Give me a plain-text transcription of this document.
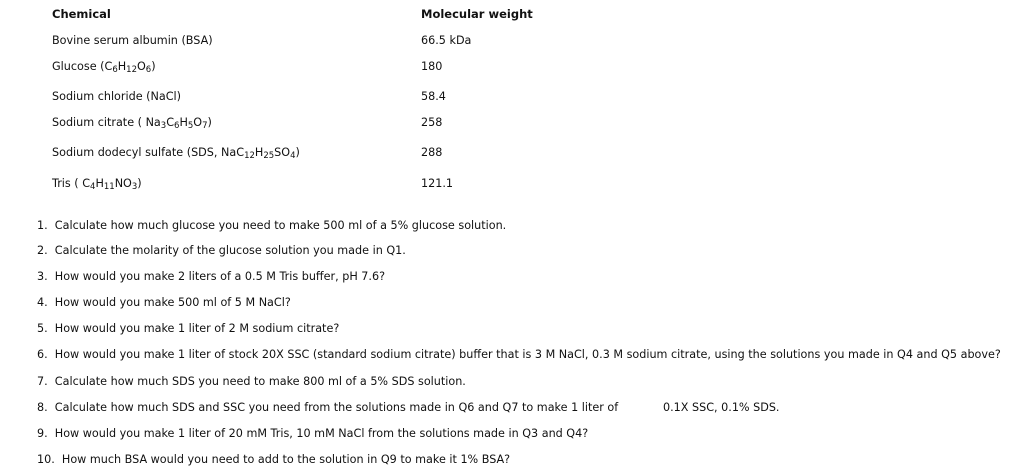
Chemical	Molecular weight
Bovine serum albumin (BSA)	66.5 kDa
Glucose $(C_6H_{12}O_6)$	180
Sodium chloride (NaCl)	58.4
Sodium citrate ( $Na_3C_6H_5O_7$)	258
Sodium dodecyl sulfate (SDS, $NaC_{12}H_{25}SO_4$)	288
Tris ( $C_4H_{11}NO_3$)	121.1
1.  Calculate how much glucose you need to make 500 ml of a 5% glucose solution.
2.  Calculate the molarity of the glucose solution you made in Q1.
3.  How would you make 2 liters of a 0.5 M Tris buffer, pH 7.6?
4.  How would you make 500 ml of 5 M NaCl?
5.  How would you make 1 liter of 2 M sodium citrate?
6.  How would you make 1 liter of stock 20X SSC (standard sodium citrate) buffer that is 3 M NaCl, 0.3 M sodium citrate, using the solutions you made in Q4 and Q5 above?
7.  Calculate how much SDS you need to make 800 ml of a 5% SDS solution.
8.  Calculate how much SDS and SSC you need from the solutions made in Q6 and Q7 to make 1 liter of	0.1X SSC, 0.1% SDS.
9.  How would you make 1 liter of 20 mM Tris, 10 mM NaCl from the solutions made in Q3 and Q4?
10.  How much BSA would you need to add to the solution in Q9 to make it 1% BSA?
